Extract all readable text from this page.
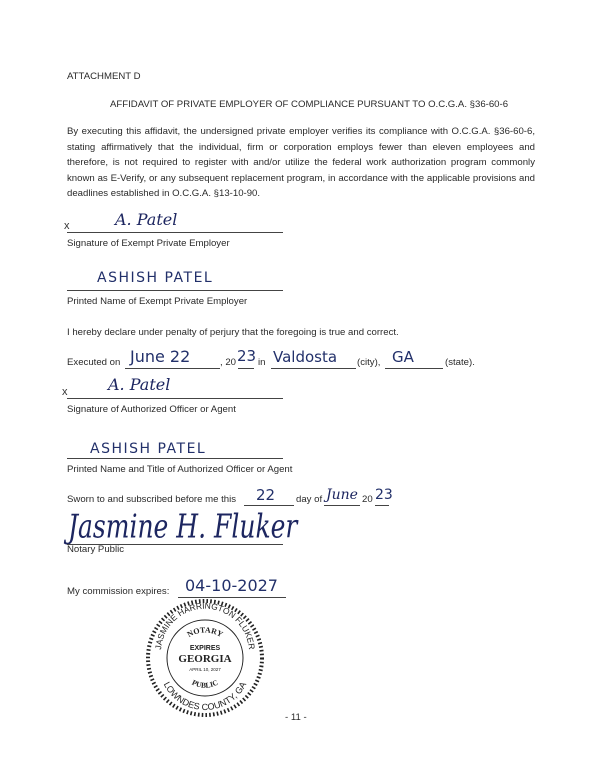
ATTACHMENT D
AFFIDAVIT OF PRIVATE EMPLOYER OF COMPLIANCE PURSUANT TO O.C.G.A. §36-60-6
By executing this affidavit, the undersigned private employer verifies its compliance with O.C.G.A. §36-60-6, stating affirmatively that the individual, firm or corporation employs fewer than eleven employees and therefore, is not required to register with and/or utilize the federal work authorization program commonly known as E-Verify, or any subsequent replacement program, in accordance with the applicable provisions and deadlines established in O.C.G.A. §13-10-90.
x	A. Patel
Signature of Exempt Private Employer
ASHISH PATEL
Printed Name of Exempt Private Employer
I hereby declare under penalty of perjury that the foregoing is true and correct.
Executed on June 22	, 20 23 in Valdosta (city), GA	(state).
x	A. Patel
Signature of Authorized Officer or Agent
ASHISH PATEL
Printed Name and Title of Authorized Officer or Agent
Sworn to and subscribed before me this 22 day of June 20 23
Jasmine H. Fluker
Notary Public
My commission expires: 04-10-2027
JASMINE HARRINGTON FLUKER
LOWNDES COUNTY, GA
NOTARY
PUBLIC
EXPIRES
GEORGIA
APRIL 10, 2027
- 11 -
